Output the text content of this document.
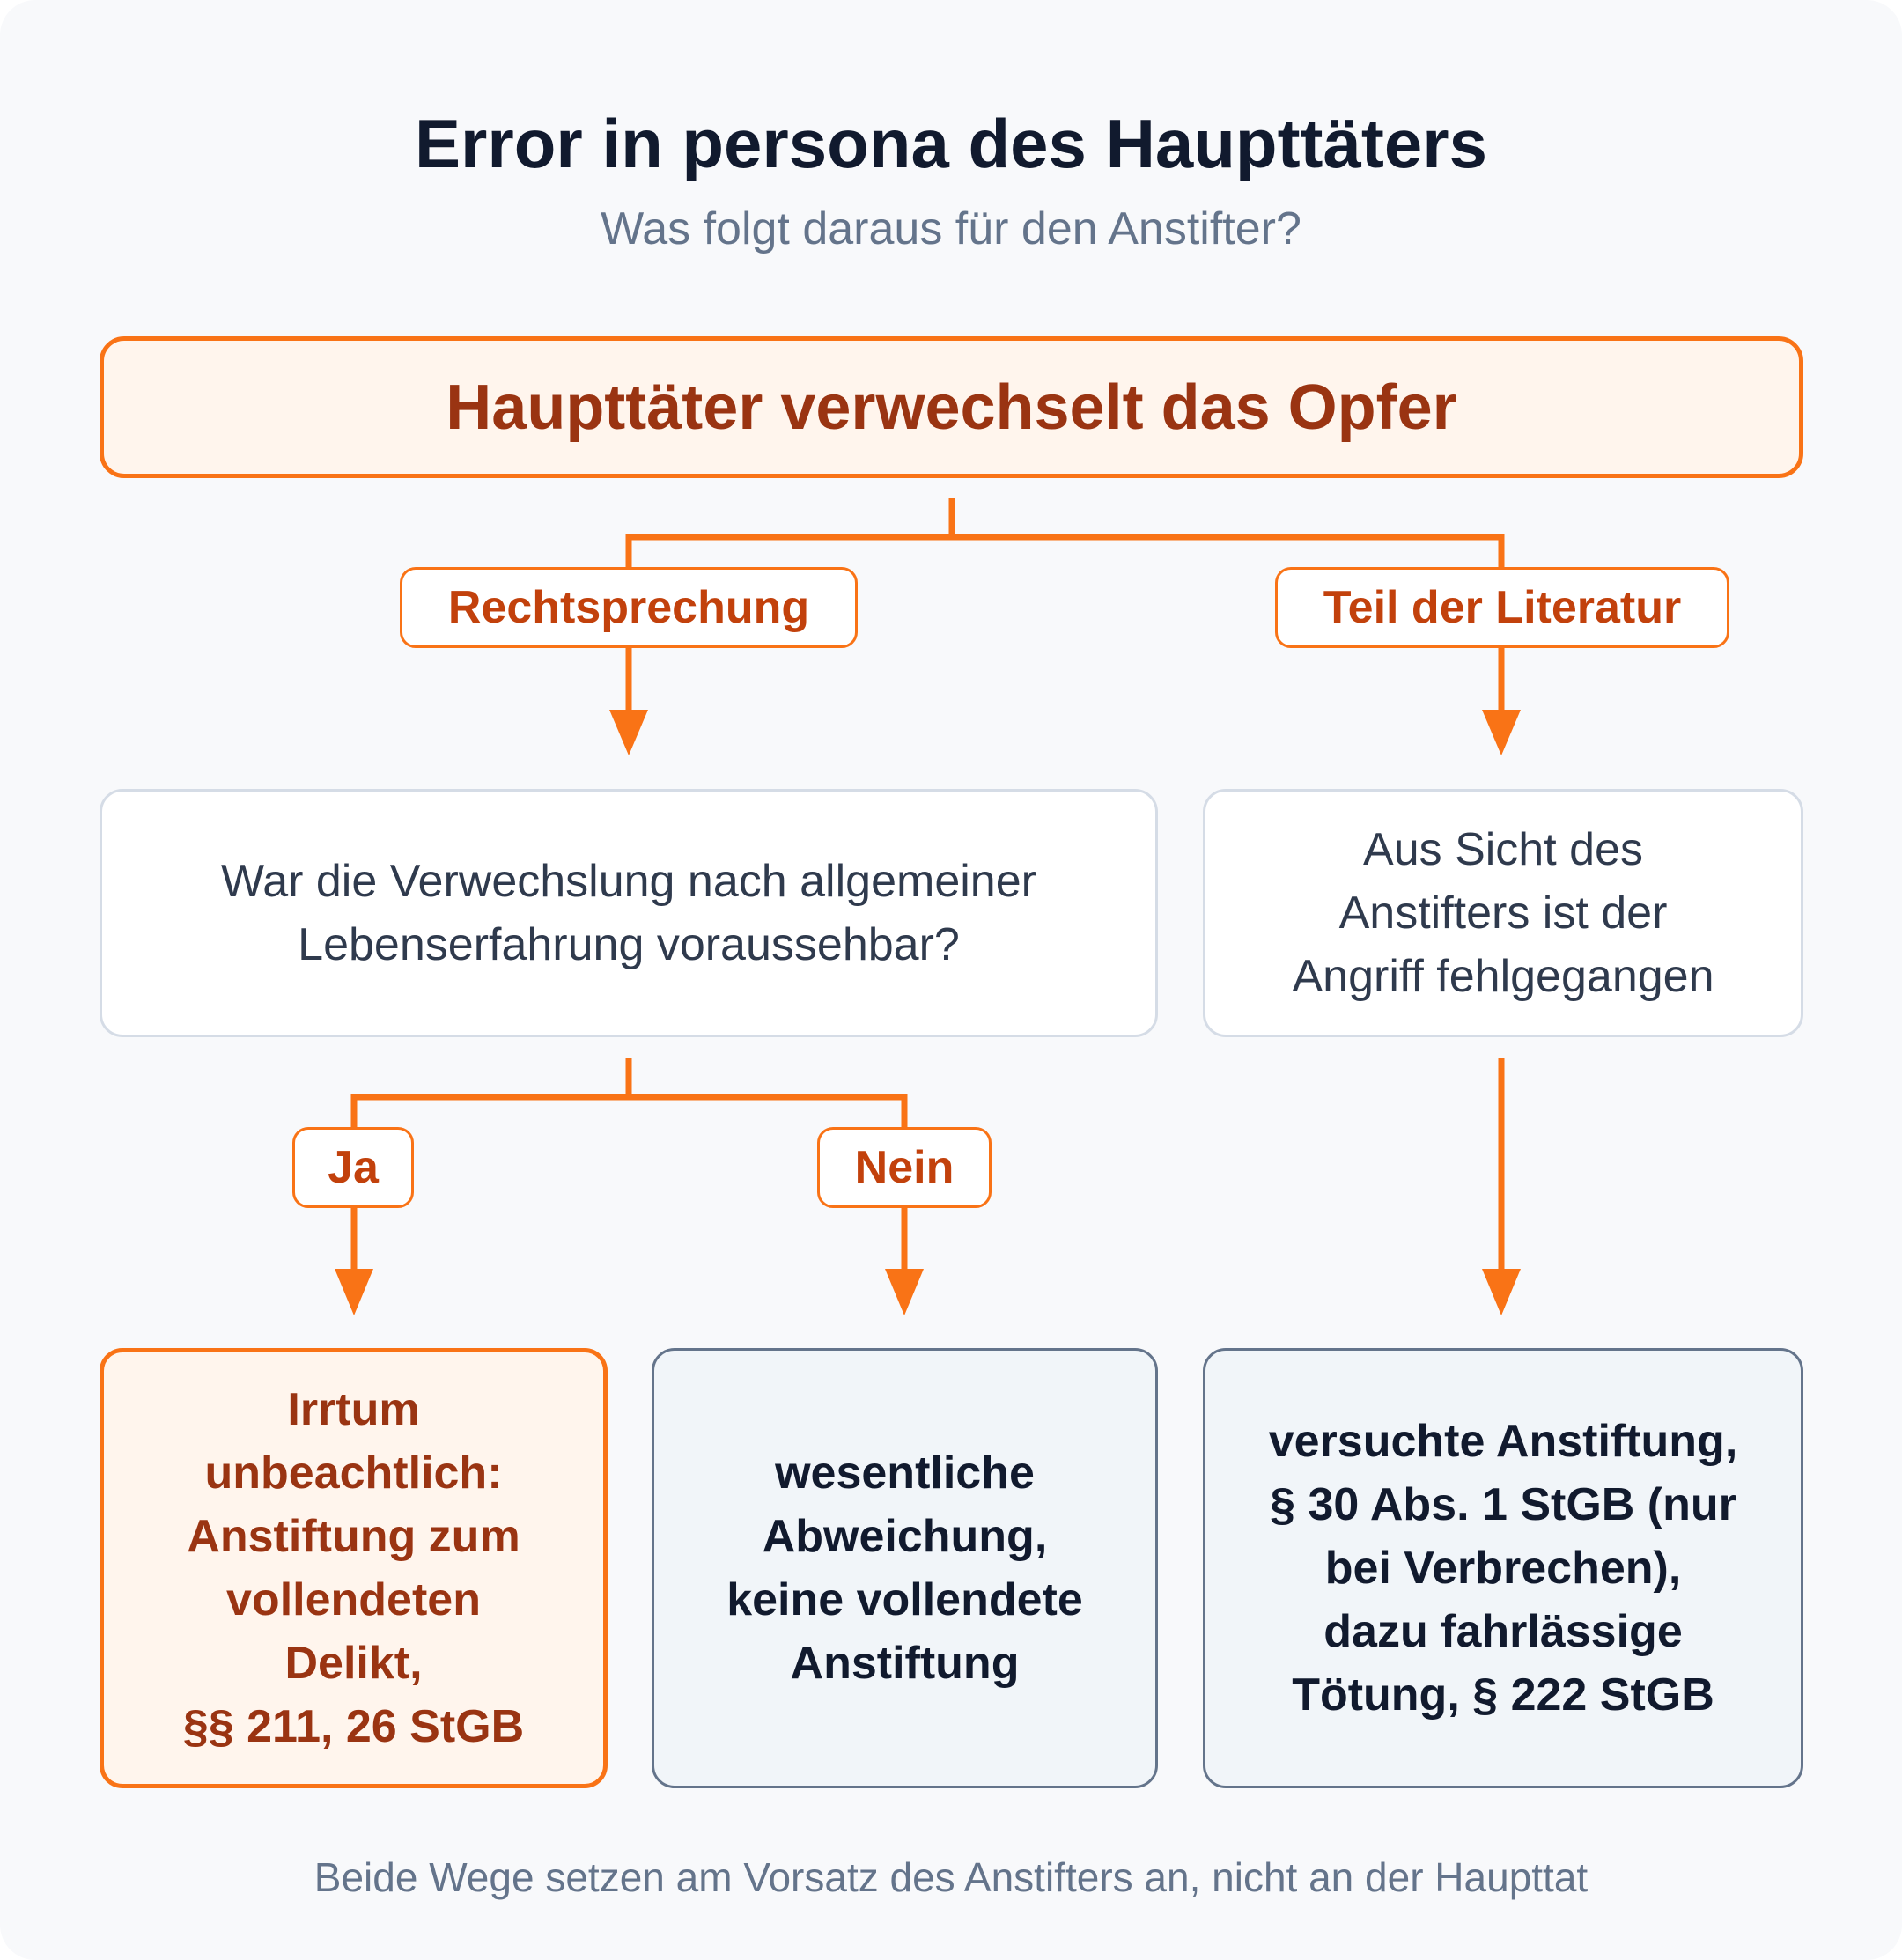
Error in persona des Haupttäters
Was folgt daraus für den Anstifter?
Haupttäter verwechselt das Opfer
Rechtsprechung	Teil der Literatur
War die Verwechslung nach allgemeiner
Lebenserfahrung voraussehbar?
Aus Sicht des
Anstifters ist der
Angriff fehlgegangen
Ja	Nein
Irrtum
unbeachtlich:
Anstiftung zum
vollendeten
Delikt,
§§ 211, 26 StGB
wesentliche
Abweichung,
keine vollendete
Anstiftung
versuchte Anstiftung,
§ 30 Abs. 1 StGB (nur
bei Verbrechen),
dazu fahrlässige
Tötung, § 222 StGB
Beide Wege setzen am Vorsatz des Anstifters an, nicht an der Haupttat
